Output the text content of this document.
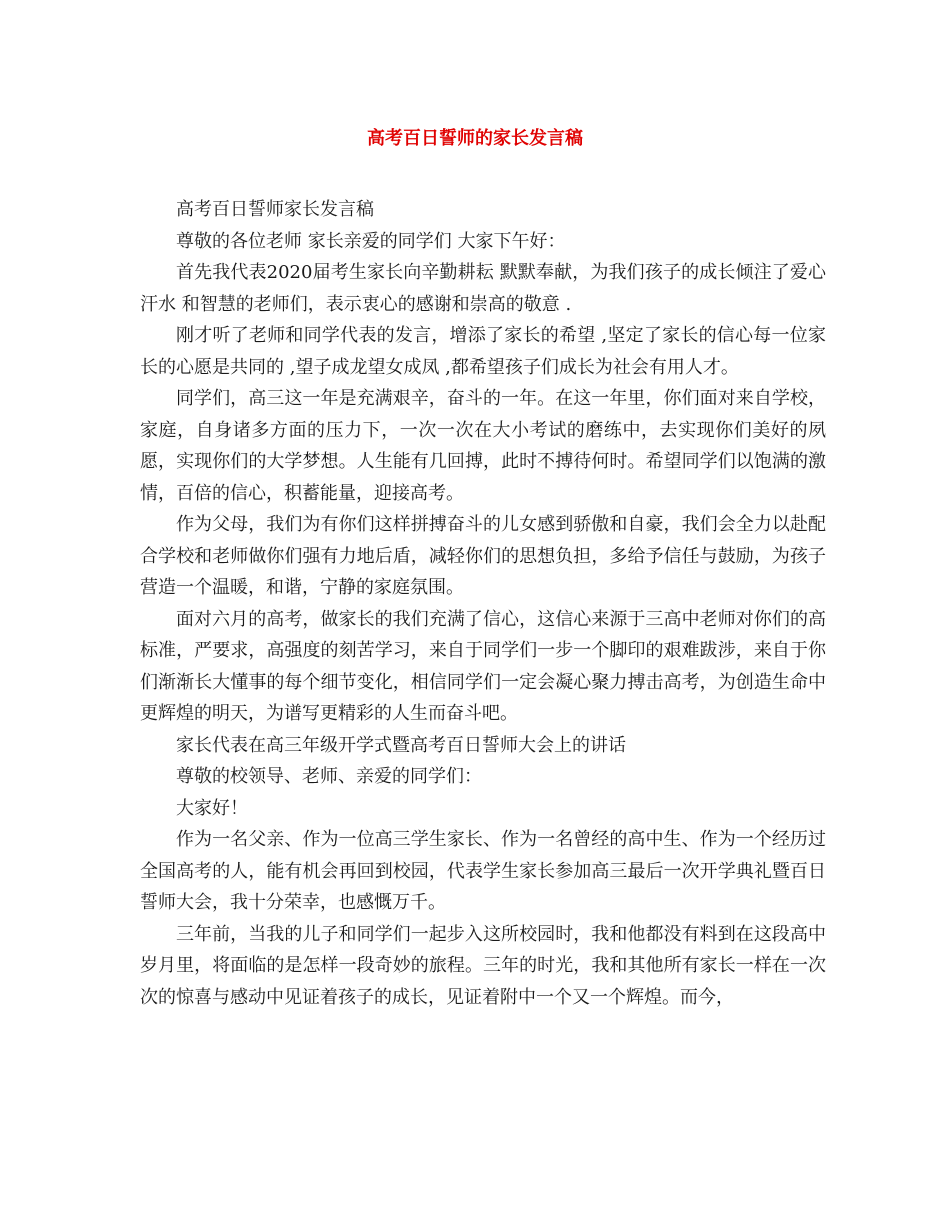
高考百日誓师的家长发言稿

高考百日誓师家长发言稿

尊敬的各位老师 家长亲爱的同学们 大家下午好：

首先我代表2020届考生家长向辛勤耕耘 默默奉献，为我们孩子的成长倾注了爱心汗水 和智慧的老师们，表示衷心的感谢和崇高的敬意 .

刚才听了老师和同学代表的发言，增添了家长的希望 ,坚定了家长的信心每一位家长的心愿是共同的 ,望子成龙望女成凤 ,都希望孩子们成长为社会有用人才。

同学们，高三这一年是充满艰辛，奋斗的一年。在这一年里，你们面对来自学校，家庭，自身诸多方面的压力下，一次一次在大小考试的磨练中，去实现你们美好的夙愿，实现你们的大学梦想。人生能有几回搏，此时不搏待何时。希望同学们以饱满的激情，百倍的信心，积蓄能量，迎接高考。

作为父母，我们为有你们这样拼搏奋斗的儿女感到骄傲和自豪，我们会全力以赴配合学校和老师做你们强有力地后盾，减轻你们的思想负担，多给予信任与鼓励，为孩子营造一个温暖，和谐，宁静的家庭氛围。

面对六月的高考，做家长的我们充满了信心，这信心来源于三高中老师对你们的高标准，严要求，高强度的刻苦学习，来自于同学们一步一个脚印的艰难跋涉，来自于你们渐渐长大懂事的每个细节变化，相信同学们一定会凝心聚力搏击高考，为创造生命中更辉煌的明天，为谱写更精彩的人生而奋斗吧。

家长代表在高三年级开学式暨高考百日誓师大会上的讲话

尊敬的校领导、老师、亲爱的同学们：

大家好！

作为一名父亲、作为一位高三学生家长、作为一名曾经的高中生、作为一个经历过全国高考的人，能有机会再回到校园，代表学生家长参加高三最后一次开学典礼暨百日誓师大会，我十分荣幸，也感慨万千。

三年前，当我的儿子和同学们一起步入这所校园时，我和他都没有料到在这段高中岁月里，将面临的是怎样一段奇妙的旅程。三年的时光，我和其他所有家长一样在一次次的惊喜与感动中见证着孩子的成长，见证着附中一个又一个辉煌。而今，
